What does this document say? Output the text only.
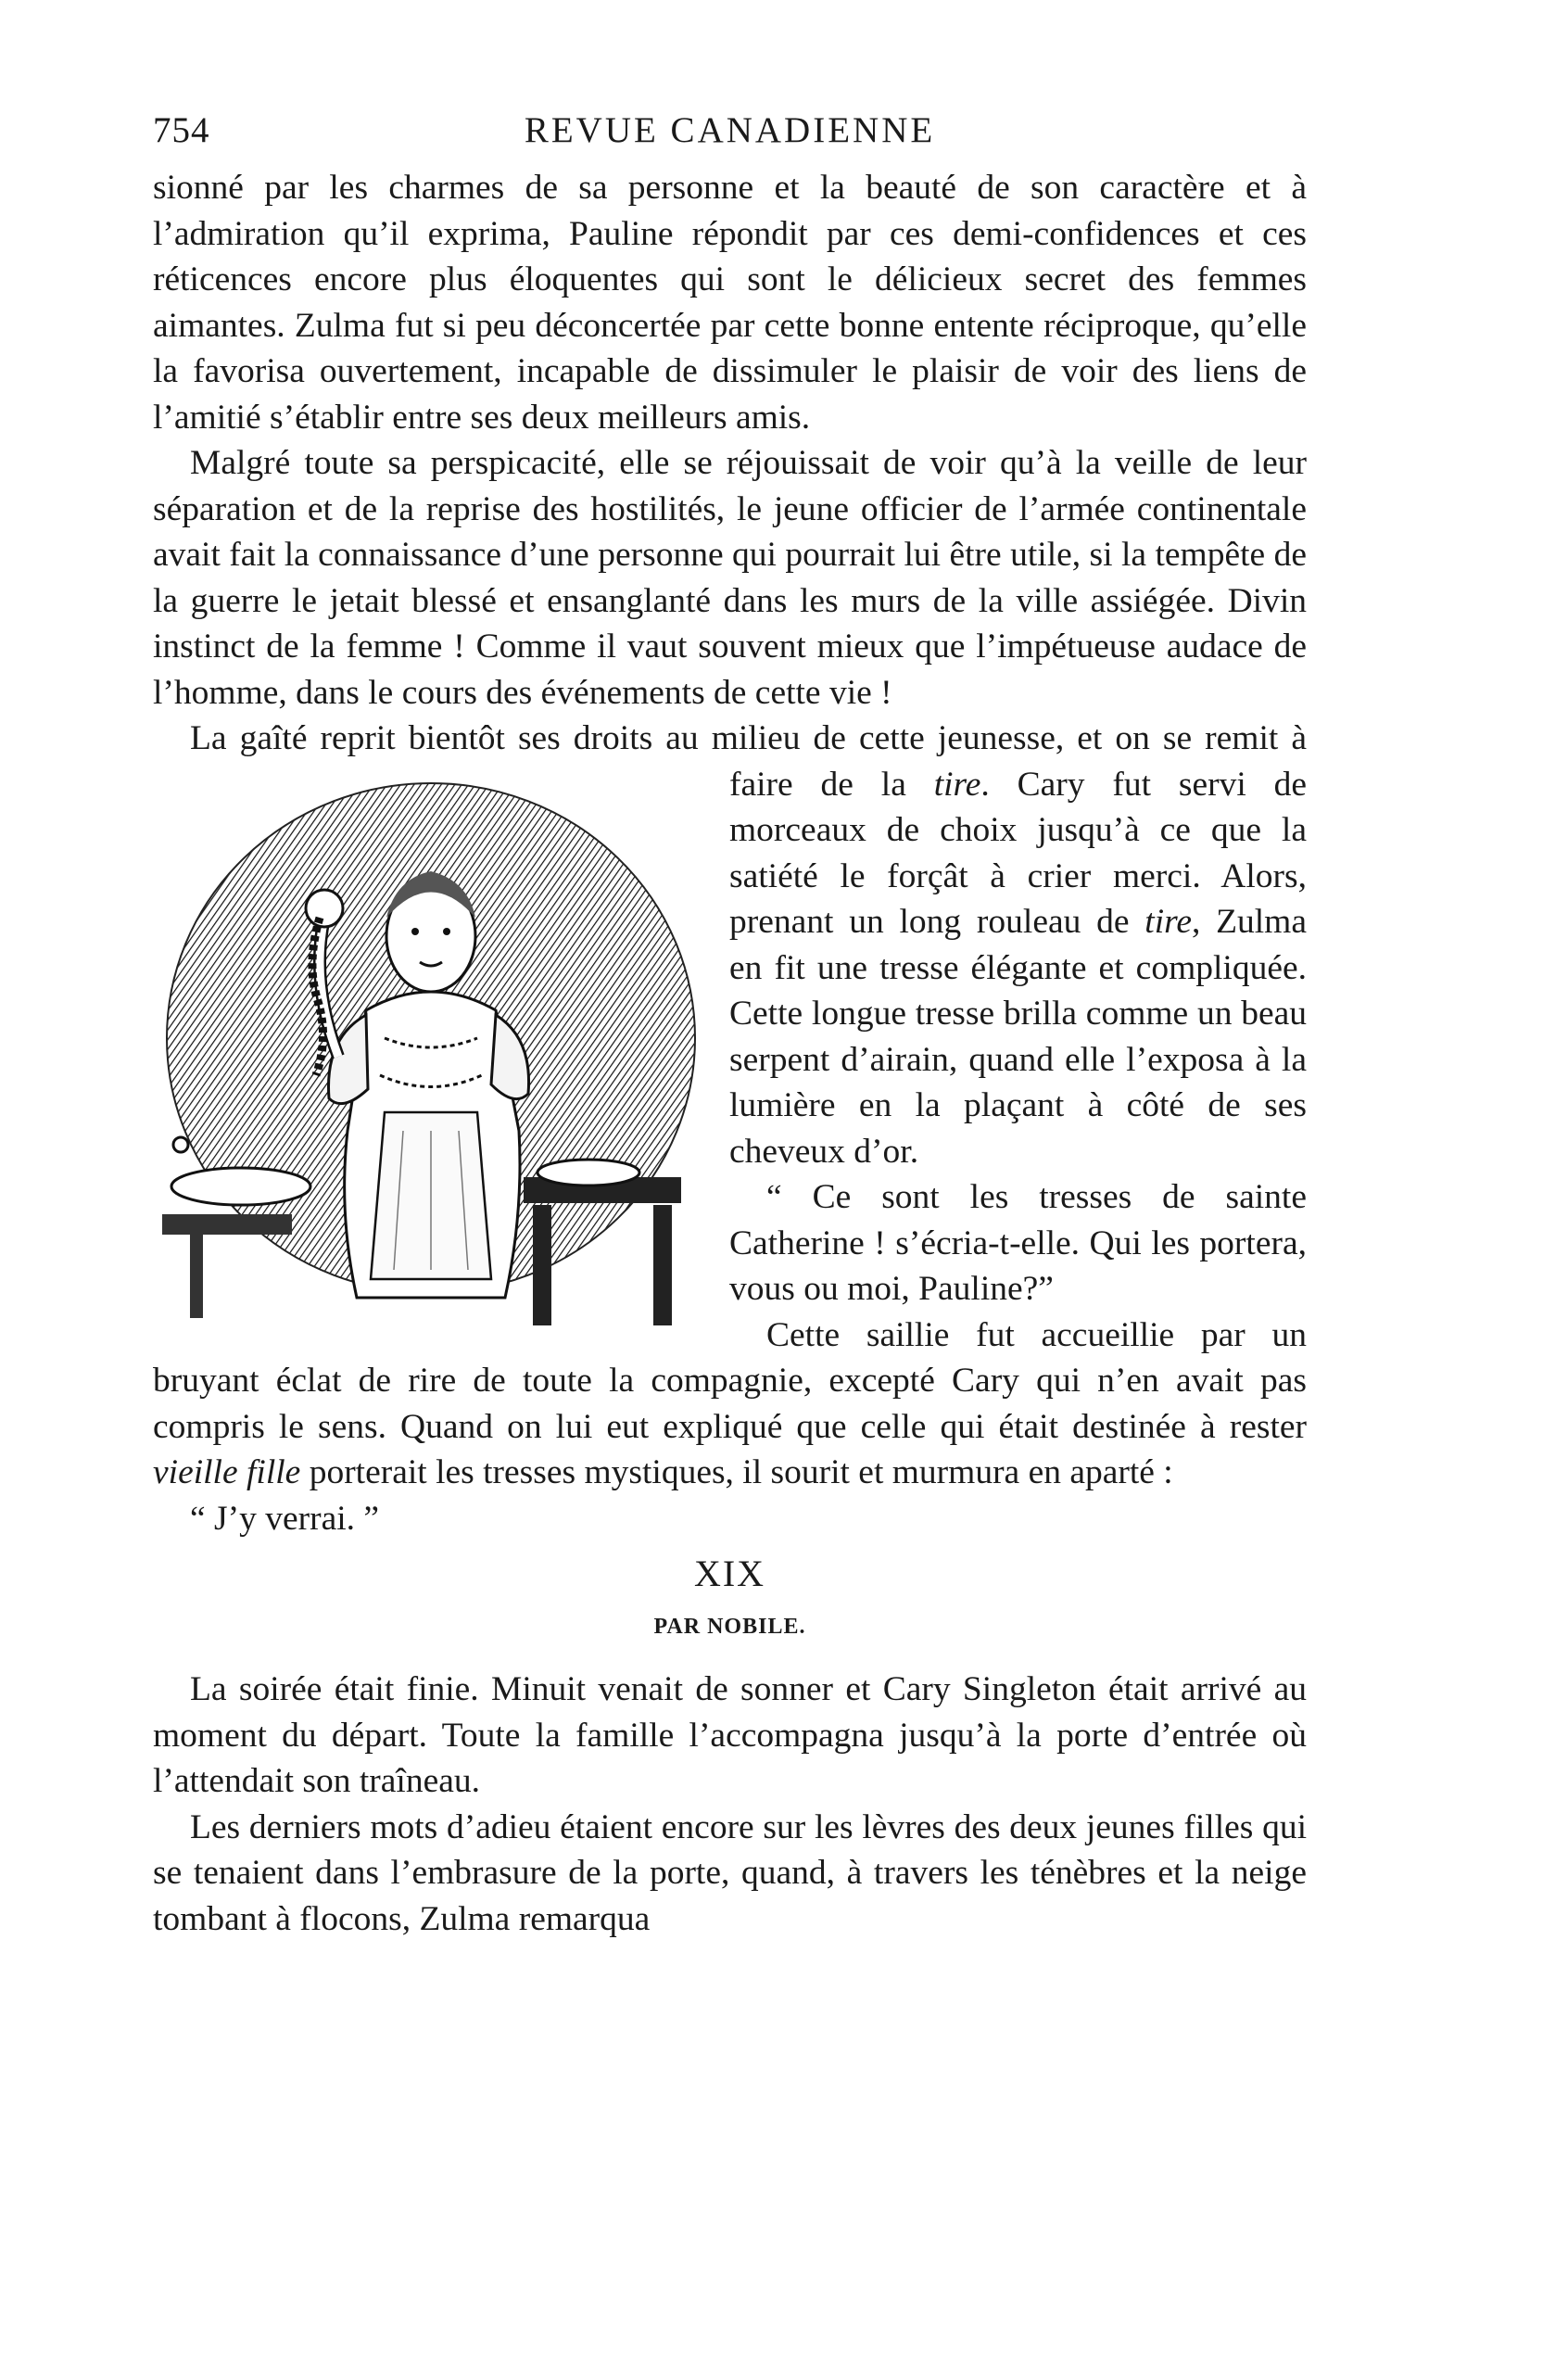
754	REVUE CANADIENNE

sionné par les charmes de sa personne et la beauté de son caractère et à l’admiration qu’il exprima, Pauline répondit par ces demi-confidences et ces réticences encore plus éloquentes qui sont le délicieux secret des femmes aimantes. Zulma fut si peu déconcertée par cette bonne entente réciproque, qu’elle la favorisa ouvertement, incapable de dissimuler le plaisir de voir des liens de l’amitié s’établir entre ses deux meilleurs amis.

Malgré toute sa perspicacité, elle se réjouissait de voir qu’à la veille de leur séparation et de la reprise des hostilités, le jeune officier de l’armée continentale avait fait la connaissance d’une personne qui pourrait lui être utile, si la tempête de la guerre le jetait blessé et ensanglanté dans les murs de la ville assiégée. Divin instinct de la femme ! Comme il vaut souvent mieux que l’impétueuse audace de l’homme, dans le cours des événements de cette vie !

La gaîté reprit bientôt ses droits au milieu de cette jeunesse, et on se remit à faire de la tire
. Cary fut servi de morceaux de choix jusqu’à ce que la satiété le forçât à crier merci. Alors, prenant un long rouleau de tire, Zulma en fit une tresse élégante et compliquée. Cette longue tresse brilla comme un beau serpent d’airain, quand elle l’exposa à la lumière en la plaçant à côté de ses cheveux d’or.

“ Ce sont les tresses de sainte Catherine ! s’écria-t-elle. Qui les portera, vous ou moi, Pauline?”

Cette saillie fut accueillie par un bruyant éclat de rire de toute la compagnie, excepté Cary qui n’en avait pas compris le sens. Quand on lui eut expliqué que celle qui était destinée à rester vieille fille porterait les tresses mystiques, il sourit et murmura en aparté :

“ J’y verrai. ”

XIX
PAR NOBILE.

La soirée était finie. Minuit venait de sonner et Cary Singleton était arrivé au moment du départ. Toute la famille l’accompagna jusqu’à la porte d’entrée où l’attendait son traîneau.

Les derniers mots d’adieu étaient encore sur les lèvres des deux jeunes filles qui se tenaient dans l’embrasure de la porte, quand, à travers les ténèbres et la neige tombant à flocons, Zulma remarqua
